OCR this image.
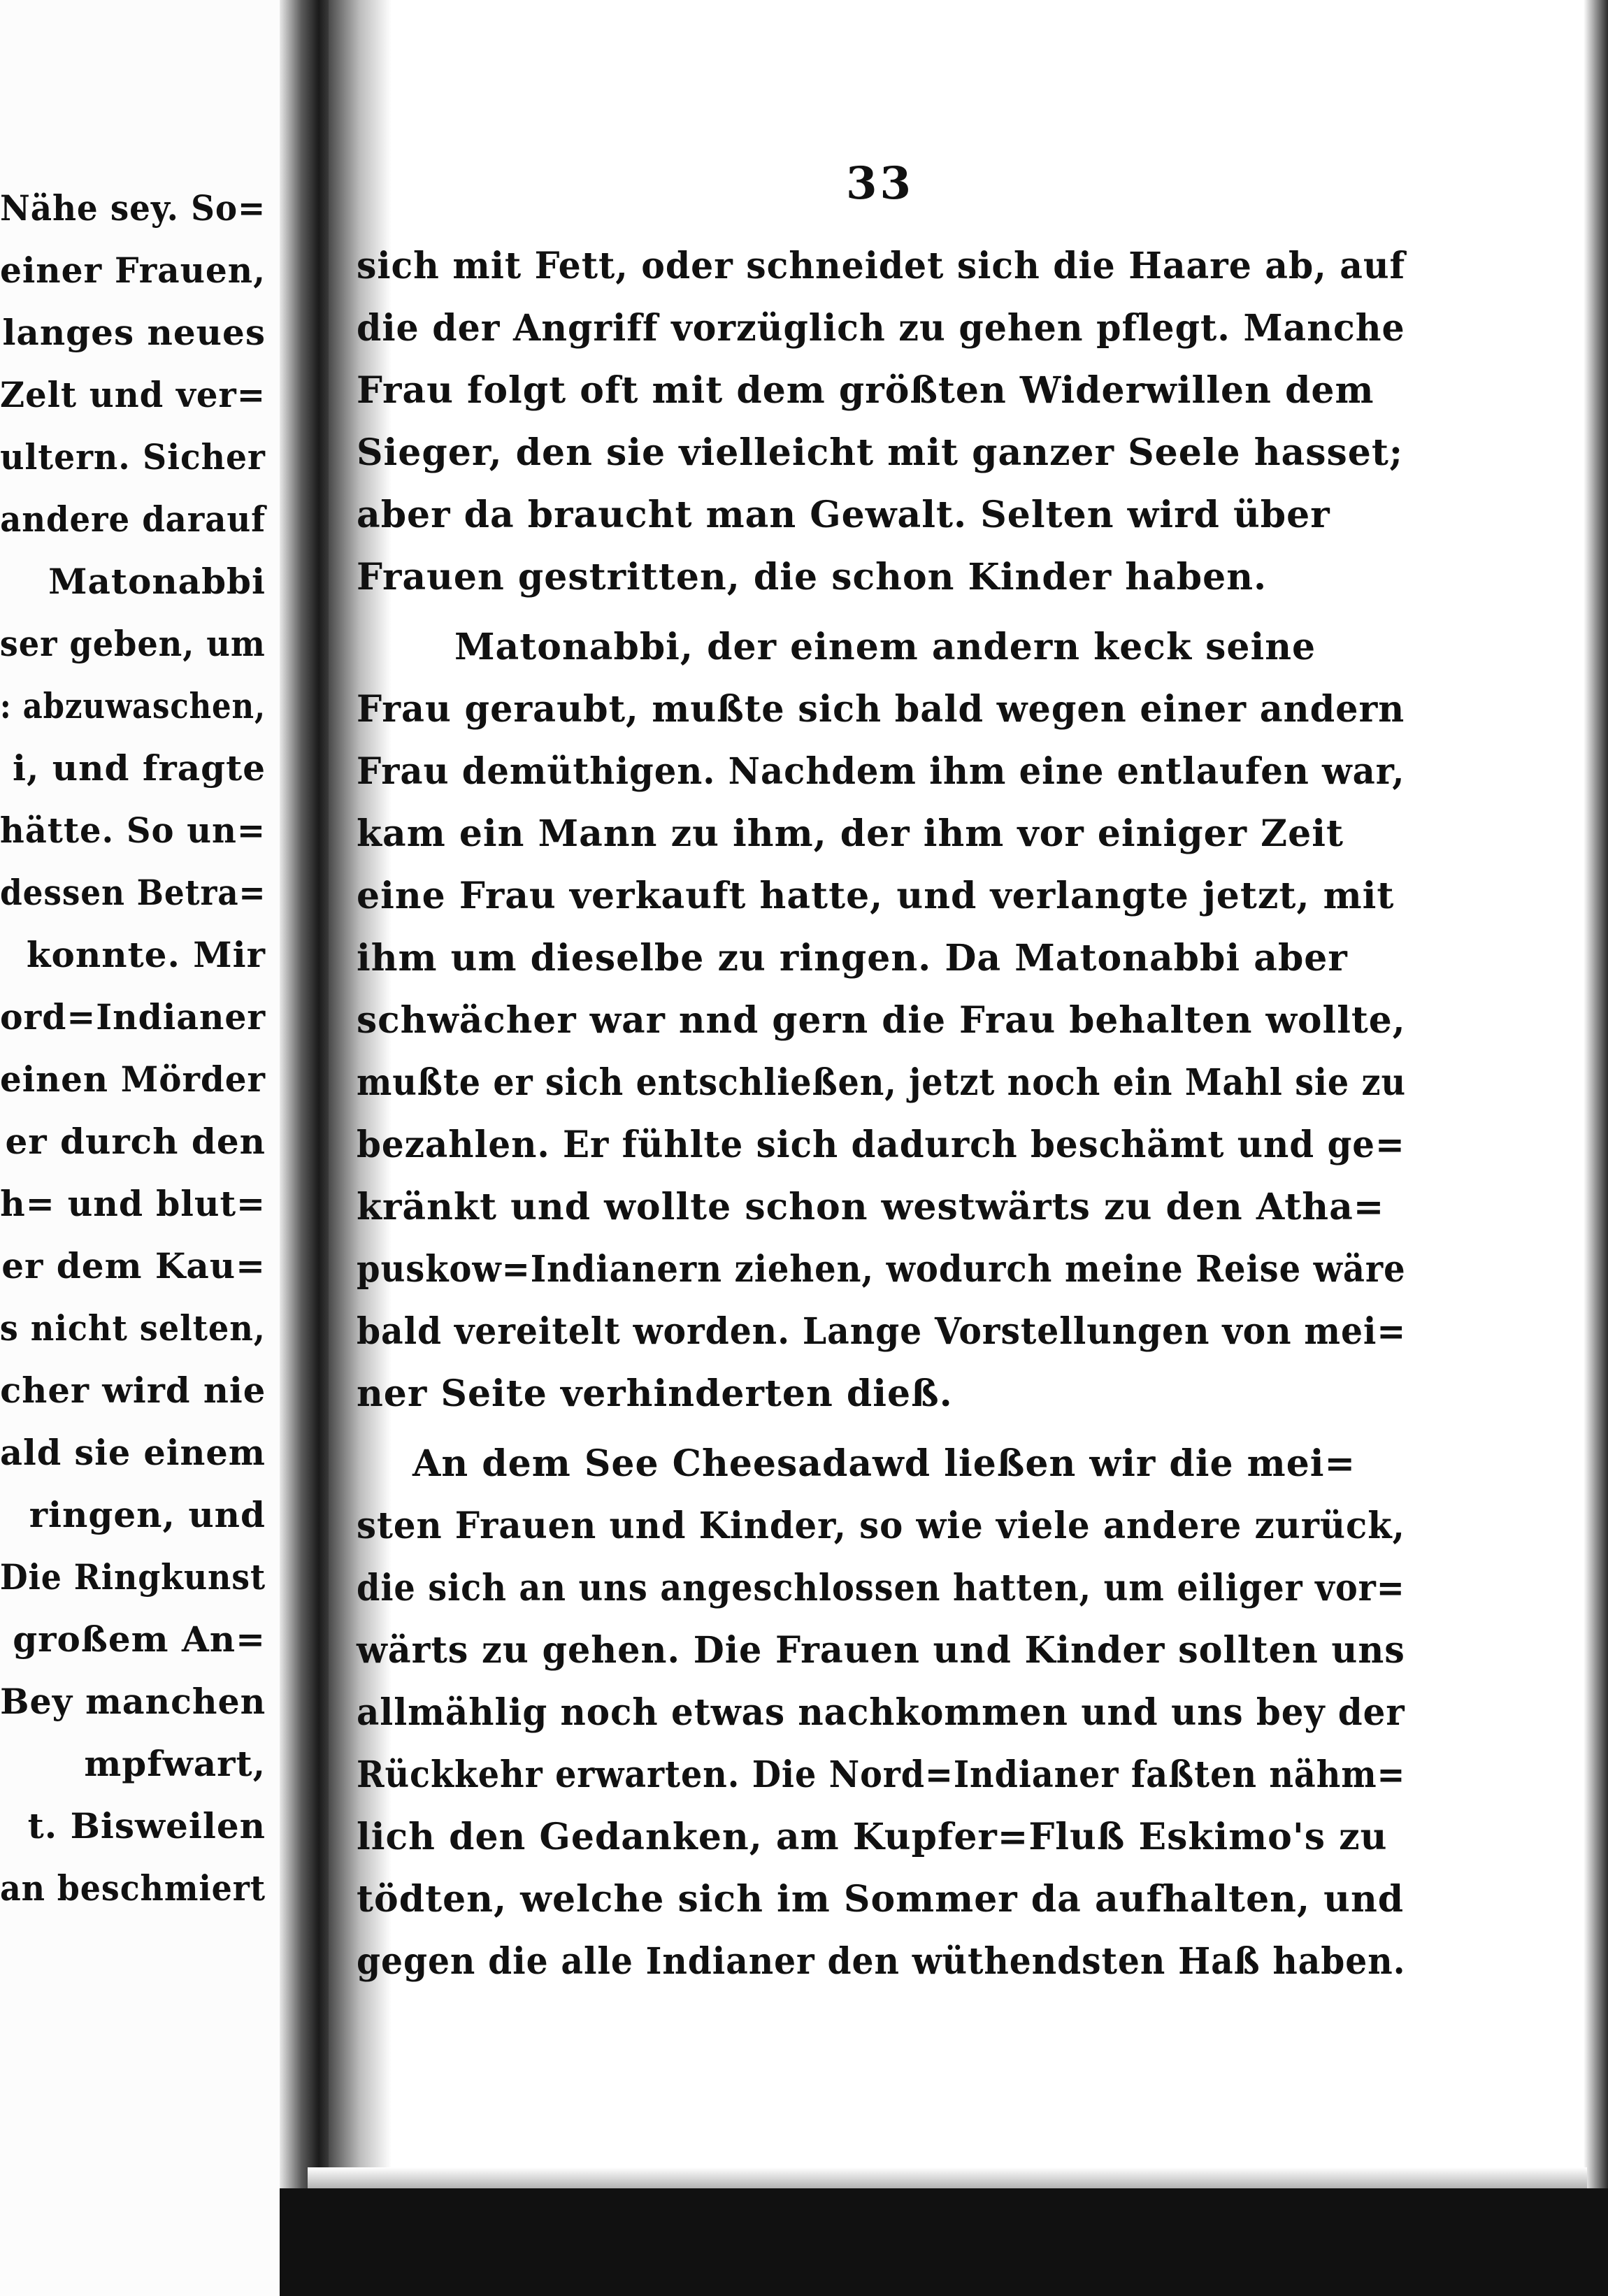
Nähe sey. So=
einer Frauen,
langes neues
Zelt und ver=
ultern. Sicher
andere darauf
Matonabbi
ser geben, um
: abzuwaschen,
i, und fragte
hätte. So un=
dessen Betra=
konnte. Mir
ord=Indianer
einen Mörder
er durch den
h= und blut=
er dem Kau=
s nicht selten,
cher wird nie
ald sie einem
ringen, und
Die Ringkunst
großem An=
Bey manchen
mpfwart,
t. Bisweilen
an beschmiert
33
sich mit Fett, oder schneidet sich die Haare ab, auf
die der Angriff vorzüglich zu gehen pflegt. Manche
Frau folgt oft mit dem größten Widerwillen dem
Sieger, den sie vielleicht mit ganzer Seele hasset;
aber da braucht man Gewalt. Selten wird über
Frauen gestritten, die schon Kinder haben.
Matonabbi, der einem andern keck seine
Frau geraubt, mußte sich bald wegen einer andern
Frau demüthigen. Nachdem ihm eine entlaufen war,
kam ein Mann zu ihm, der ihm vor einiger Zeit
eine Frau verkauft hatte, und verlangte jetzt, mit
ihm um dieselbe zu ringen. Da Matonabbi aber
schwächer war nnd gern die Frau behalten wollte,
mußte er sich entschließen, jetzt noch ein Mahl sie zu
bezahlen. Er fühlte sich dadurch beschämt und ge=
kränkt und wollte schon westwärts zu den Atha=
puskow=Indianern ziehen, wodurch meine Reise wäre
bald vereitelt worden. Lange Vorstellungen von mei=
ner Seite verhinderten dieß.
An dem See Cheesadawd ließen wir die mei=
sten Frauen und Kinder, so wie viele andere zurück,
die sich an uns angeschlossen hatten, um eiliger vor=
wärts zu gehen. Die Frauen und Kinder sollten uns
allmählig noch etwas nachkommen und uns bey der
Rückkehr erwarten. Die Nord=Indianer faßten nähm=
lich den Gedanken, am Kupfer=Fluß Eskimo's zu
tödten, welche sich im Sommer da aufhalten, und
gegen die alle Indianer den wüthendsten Haß haben.
